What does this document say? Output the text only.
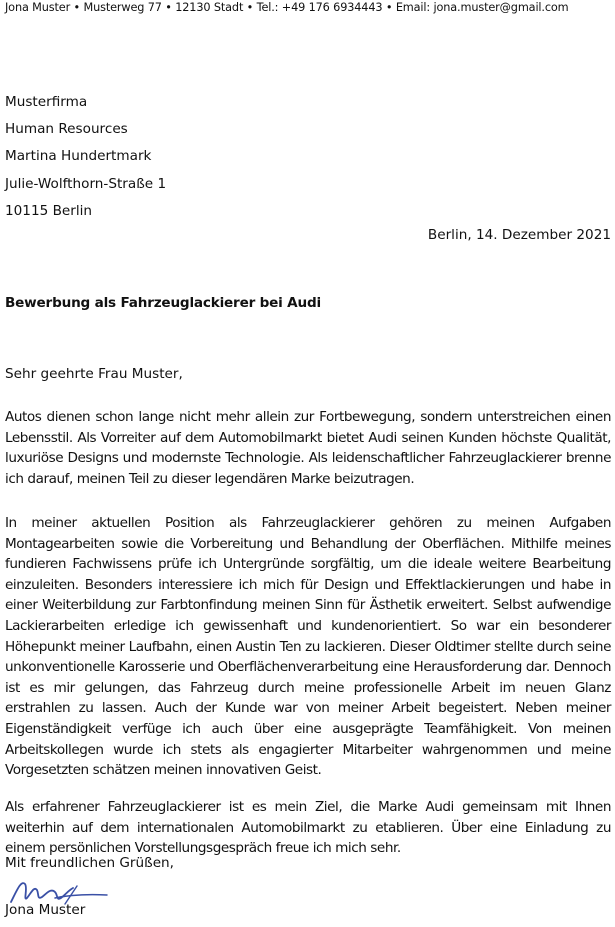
Jona Muster • Musterweg 77 • 12130 Stadt • Tel.: +49 176 6934443 • Email: jona.muster@gmail.com
Musterfirma
Human Resources
Martina Hundertmark
Julie-Wolfthorn-Straße 1
10115 Berlin
Berlin, 14. Dezember 2021
Bewerbung als Fahrzeuglackierer bei Audi
Sehr geehrte Frau Muster,
Autos dienen schon lange nicht mehr allein zur Fortbewegung, sondern unterstreichen einen Lebensstil. Als Vorreiter auf dem Automobilmarkt bietet Audi seinen Kunden höchste Qualität, luxuriöse Designs und modernste Technologie. Als leidenschaftlicher Fahrzeuglackierer brenne ich darauf, meinen Teil zu dieser legendären Marke beizutragen.
In meiner aktuellen Position als Fahrzeuglackierer gehören zu meinen Aufgaben Montagearbeiten sowie die Vorbereitung und Behandlung der Oberflächen. Mithilfe meines fundieren Fachwissens prüfe ich Untergründe sorgfältig, um die ideale weitere Bearbeitung einzuleiten. Besonders interessiere ich mich für Design und Effektlackierungen und habe in einer Weiterbildung zur Farbtonfindung meinen Sinn für Ästhetik erweitert. Selbst aufwendige Lackierarbeiten erledige ich gewissenhaft und kundenorientiert. So war ein besonderer Höhepunkt meiner Laufbahn, einen Austin Ten zu lackieren. Dieser Oldtimer stellte durch seine unkonventionelle Karosserie und Oberflächenverarbeitung eine Herausforderung dar. Dennoch ist es mir gelungen, das Fahrzeug durch meine professionelle Arbeit im neuen Glanz erstrahlen zu lassen. Auch der Kunde war von meiner Arbeit begeistert. Neben meiner Eigenständigkeit verfüge ich auch über eine ausgeprägte Teamfähigkeit. Von meinen Arbeitskollegen wurde ich stets als engagierter Mitarbeiter wahrgenommen und meine Vorgesetzten schätzen meinen innovativen Geist.
Als erfahrener Fahrzeuglackierer ist es mein Ziel, die Marke Audi gemeinsam mit Ihnen weiterhin auf dem internationalen Automobilmarkt zu etablieren. Über eine Einladung zu einem persönlichen Vorstellungsgespräch freue ich mich sehr.
Mit freundlichen Grüßen,
Jona Muster
